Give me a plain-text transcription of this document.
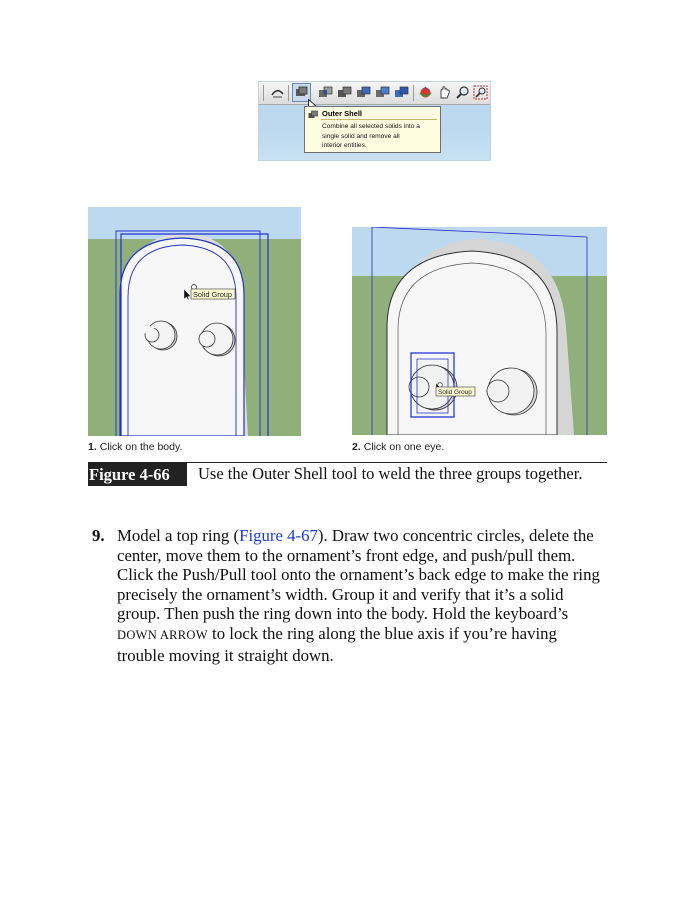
Outer Shell
Combine all selected solids into a
single solid and remove all
interior entities.
Solid Group
Solid Group
1. Click on the body.	2. Click on one eye.
Figure 4-66	Use the Outer Shell tool to weld the three groups together.
9. Model a top ring (Figure 4-67). Draw two concentric circles, delete the
center, move them to the ornament’s front edge, and push/pull them.
Click the Push/Pull tool onto the ornament’s back edge to make the ring
precisely the ornament’s width. Group it and verify that it’s a solid
group. Then push the ring down into the body. Hold the keyboard’s
DOWN ARROW to lock the ring along the blue axis if you’re having
trouble moving it straight down.
